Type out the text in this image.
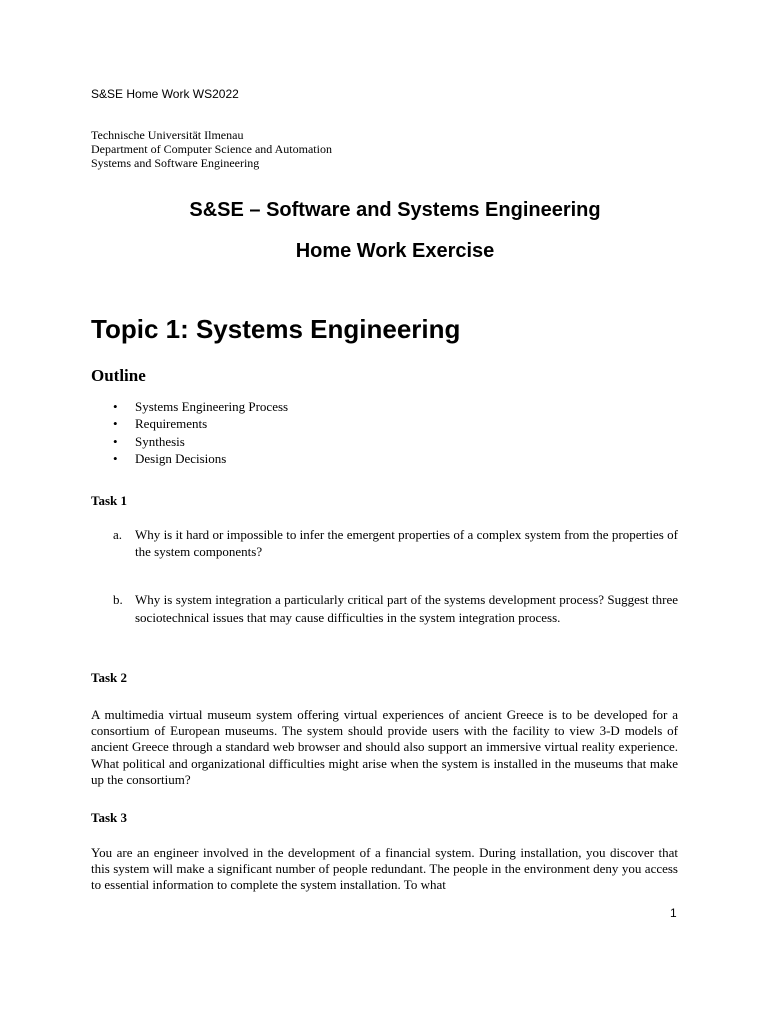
S&SE Home Work WS2022
Technische Universität Ilmenau
Department of Computer Science and Automation
Systems and Software Engineering
S&SE – Software and Systems Engineering
Home Work Exercise
Topic 1: Systems Engineering
Outline
• Systems Engineering Process
• Requirements
• Synthesis
• Design Decisions
Task 1
a. Why is it hard or impossible to infer the emergent properties of a complex system from the properties of the system components?
b. Why is system integration a particularly critical part of the systems development process? Suggest three sociotechnical issues that may cause difficulties in the system integration process.
Task 2
A multimedia virtual museum system offering virtual experiences of ancient Greece is to be developed for a consortium of European museums. The system should provide users with the facility to view 3-D models of ancient Greece through a standard web browser and should also support an immersive virtual reality experience. What political and organizational difficulties might arise when the system is installed in the museums that make up the consortium?
Task 3
You are an engineer involved in the development of a financial system. During installation, you discover that this system will make a significant number of people redundant. The people in the environment deny you access to essential information to complete the system installation. To what
1
